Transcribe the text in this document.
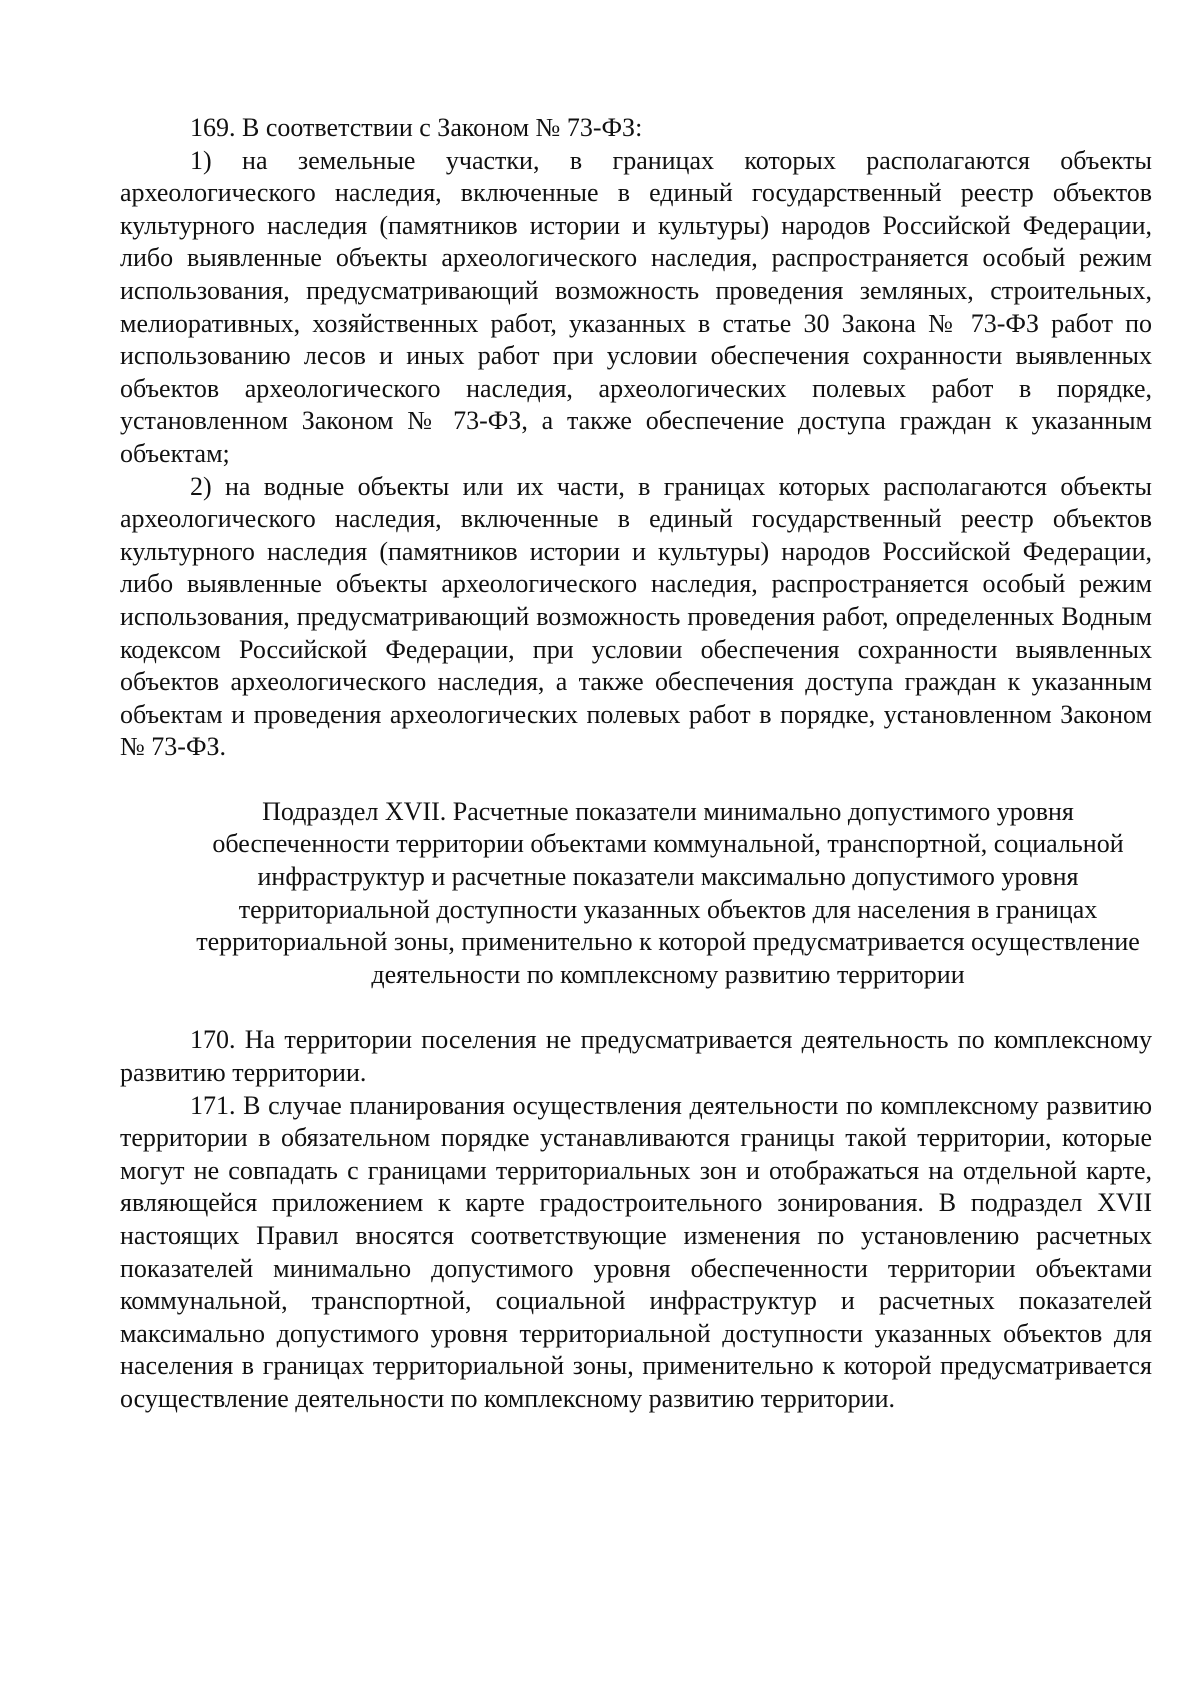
169. В соответствии с Законом № 73-ФЗ:

1) на земельные участки, в границах которых располагаются объекты археологического наследия, включенные в единый государственный реестр объектов культурного наследия (памятников истории и культуры) народов Российской Федерации, либо выявленные объекты археологического наследия, распространяется особый режим использования, предусматривающий возможность проведения земляных, строительных, мелиоративных, хозяйственных работ, указанных в статье 30 Закона № 73-ФЗ работ по использованию лесов и иных работ при условии обеспечения сохранности выявленных объектов археологического наследия, археологических полевых работ в порядке, установленном Законом № 73-ФЗ, а также обеспечение доступа граждан к указанным объектам;

2) на водные объекты или их части, в границах которых располагаются объекты археологического наследия, включенные в единый государственный реестр объектов культурного наследия (памятников истории и культуры) народов Российской Федерации, либо выявленные объекты археологического наследия, распространяется особый режим использования, предусматривающий возможность проведения работ, определенных Водным кодексом Российской Федерации, при условии обеспечения сохранности выявленных объектов археологического наследия, а также обеспечения доступа граждан к указанным объектам и проведения археологических полевых работ в порядке, установленном Законом № 73-ФЗ.

Подраздел XVII. Расчетные показатели минимально допустимого уровня обеспеченности территории объектами коммунальной, транспортной, социальной инфраструктур и расчетные показатели максимально допустимого уровня территориальной доступности указанных объектов для населения в границах территориальной зоны, применительно к которой предусматривается осуществление деятельности по комплексному развитию территории

170. На территории поселения не предусматривается деятельность по комплексному развитию территории.

171. В случае планирования осуществления деятельности по комплексному развитию территории в обязательном порядке устанавливаются границы такой территории, которые могут не совпадать с границами территориальных зон и отображаться на отдельной карте, являющейся приложением к карте градостроительного зонирования. В подраздел XVII настоящих Правил вносятся соответствующие изменения по установлению расчетных показателей минимально допустимого уровня обеспеченности территории объектами коммунальной, транспортной, социальной инфраструктур и расчетных показателей максимально допустимого уровня территориальной доступности указанных объектов для населения в границах территориальной зоны, применительно к которой предусматривается осуществление деятельности по комплексному развитию территории.
